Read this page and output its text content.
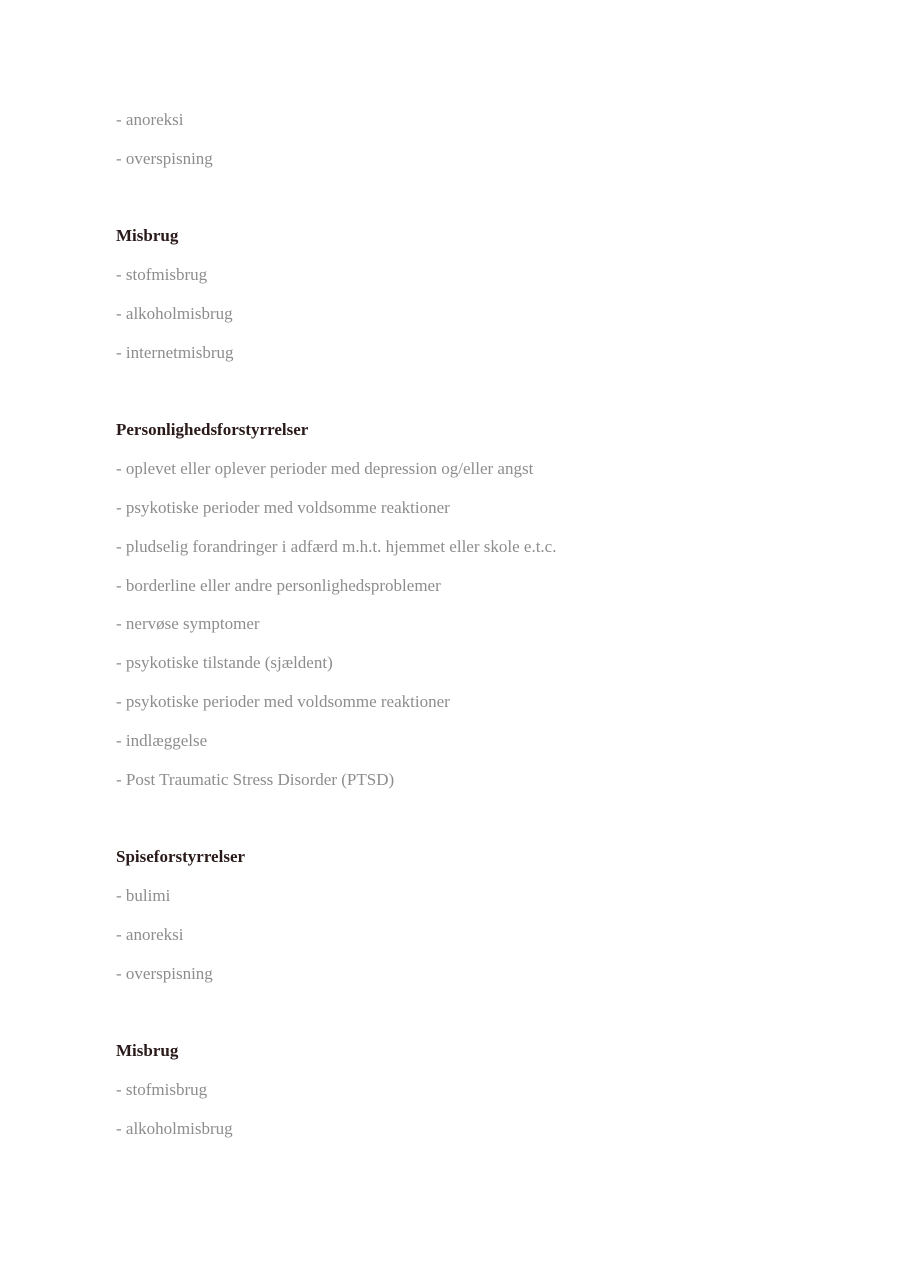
- anoreksi
- overspisning
Misbrug
- stofmisbrug
- alkoholmisbrug
- internetmisbrug
Personlighedsforstyrrelser
- oplevet eller oplever perioder med depression og/eller angst
- psykotiske perioder med voldsomme reaktioner
- pludselig forandringer i adfærd m.h.t. hjemmet eller skole e.t.c.
- borderline eller andre personlighedsproblemer
- nervøse symptomer
- psykotiske tilstande (sjældent)
- psykotiske perioder med voldsomme reaktioner
- indlæggelse
- Post Traumatic Stress Disorder (PTSD)
Spiseforstyrrelser
- bulimi
- anoreksi
- overspisning
Misbrug
- stofmisbrug
- alkoholmisbrug
